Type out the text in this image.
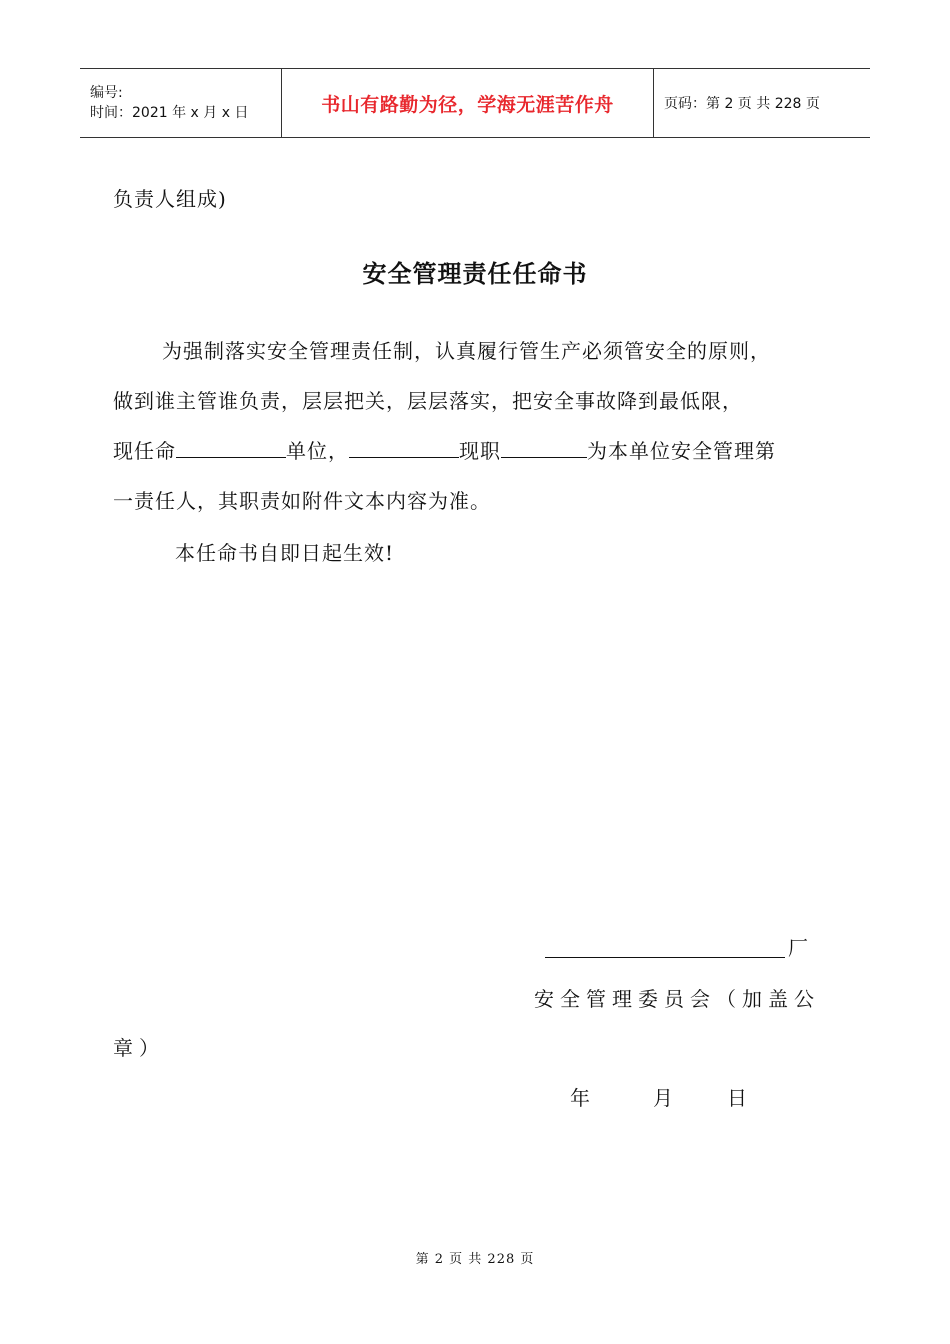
编号:
时间：2021 年 x 月 x 日	书山有路勤为径，学海无涯苦作舟	页码：第 2 页 共 228 页
负责人组成)
安全管理责任任命书
为强制落实安全管理责任制，认真履行管生产必须管安全的原则，
做到谁主管谁负责，层层把关，层层落实，把安全事故降到最低限，
现任命	单位，	现职	为本单位安全管理第
一责任人，其职责如附件文本内容为准。
本任命书自即日起生效!
厂
安全管理委员会（加盖公
章）
年	月	日
第 2 页 共 228 页
